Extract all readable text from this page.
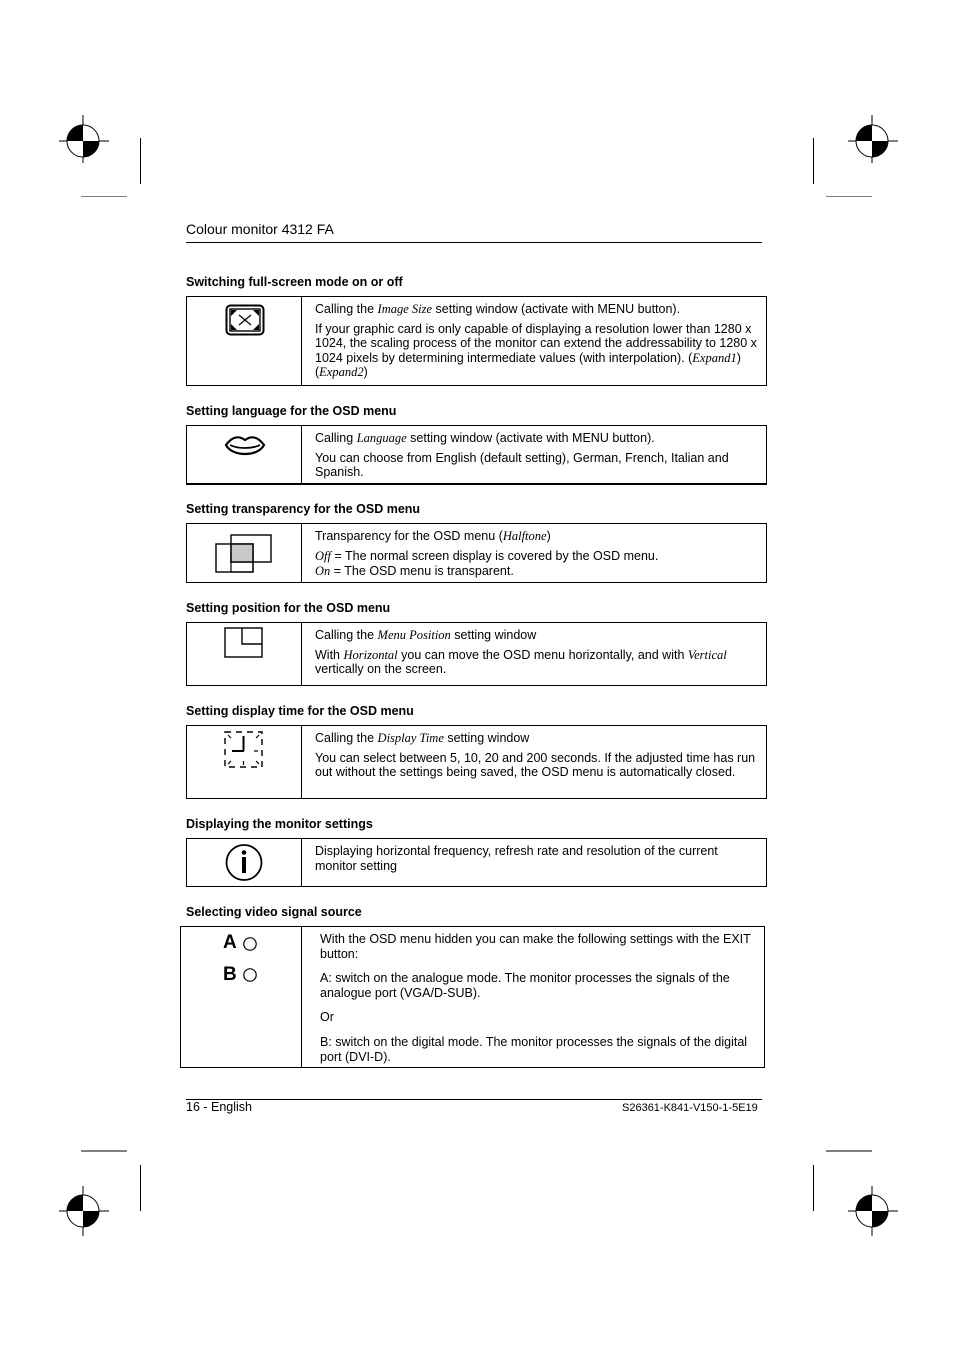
Colour monitor 4312 FA
Switching full-screen mode on or off
Setting language for the OSD menu
Setting transparency for the OSD menu
Setting position for the OSD menu
Setting display time for the OSD menu
Displaying the monitor settings
Selecting video signal source

Calling the Image Size setting window (activate with MENU button).

If your graphic card is only capable of displaying a resolution lower than 1280 x 1024, the scaling process of the monitor can extend the addressability to 1280 x 1024 pixels by determining intermediate values (with interpolation). (Expand1) (Expand2)

Calling Language setting window (activate with MENU button).

You can choose from English (default setting), German, French, Italian and Spanish.

Transparency for the OSD menu (Halftone)

Off = The normal screen display is covered by the OSD menu.

On = The OSD menu is transparent.

Calling the Menu Position setting window

With Horizontal you can move the OSD menu horizontally, and with Vertical vertically on the screen.

Calling the Display Time setting window

You can select between 5, 10, 20 and 200 seconds. If the adjusted time has run out without the settings being saved, the OSD menu is automatically closed.

Displaying horizontal frequency, refresh rate and resolution of the current monitor setting

A
B

With the OSD menu hidden you can make the following settings with the EXIT button:

A: switch on the analogue mode. The monitor processes the signals of the analogue port (VGA/D-SUB).

Or

B: switch on the digital mode. The monitor processes the signals of the digital port (DVI-D).

16 - English	S26361-K841-V150-1-5E19
